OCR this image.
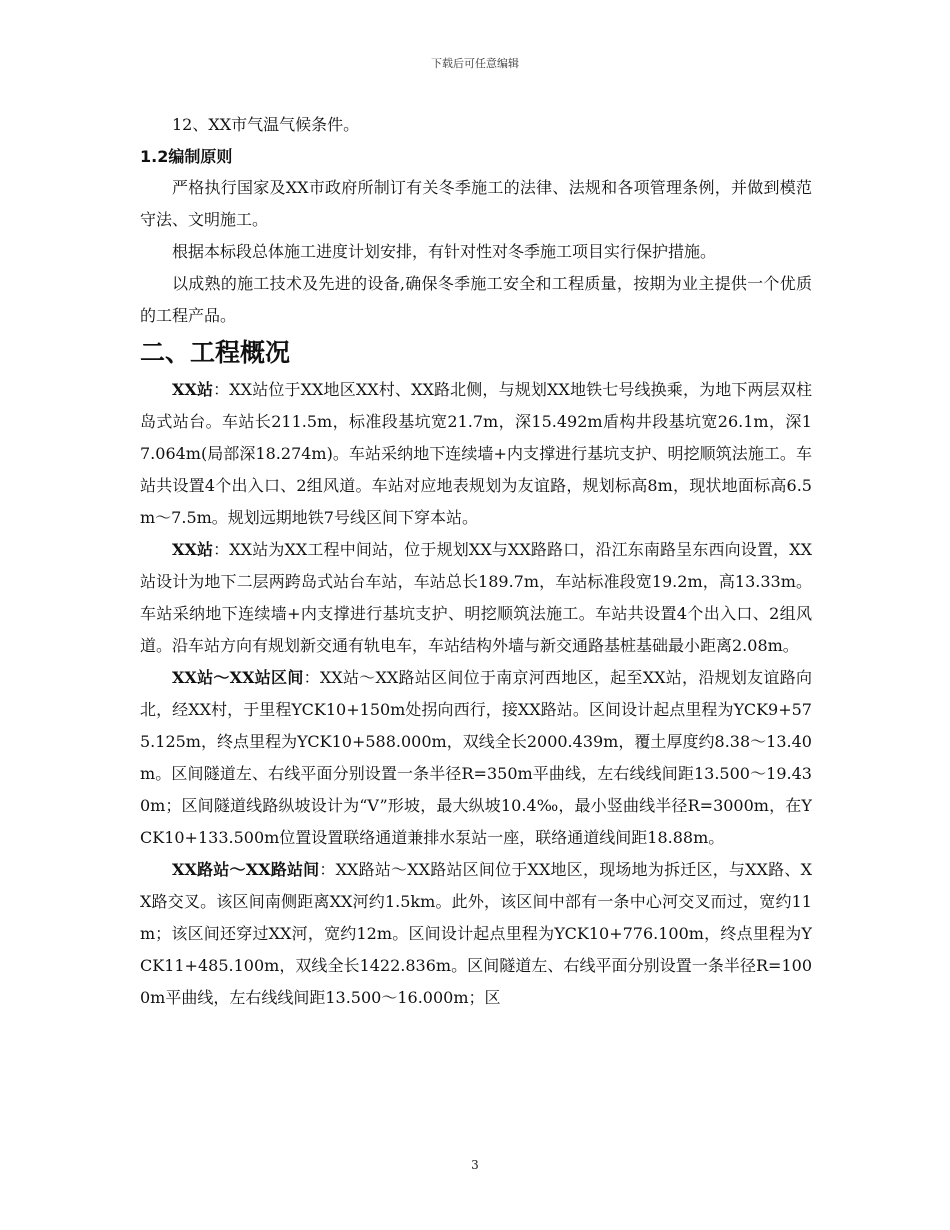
下载后可任意编辑

12、XX市气温气候条件。

1.2编制原则

严格执行国家及XX市政府所制订有关冬季施工的法律、法规和各项管理条例，并做到模范守法、文明施工。

根据本标段总体施工进度计划安排，有针对性对冬季施工项目实行保护措施。

以成熟的施工技术及先进的设备,确保冬季施工安全和工程质量，按期为业主提供一个优质的工程产品。

二、工程概况

XX站：XX站位于XX地区XX村、XX路北侧，与规划XX地铁七号线换乘，为地下两层双柱岛式站台。车站长211.5m，标准段基坑宽21.7m，深15.492m盾构井段基坑宽26.1m，深17.064m(局部深18.274m)。车站采纳地下连续墙+内支撑进行基坑支护、明挖顺筑法施工。车站共设置4个出入口、2组风道。车站对应地表规划为友谊路，规划标高8m，现状地面标高6.5m～7.5m。规划远期地铁7号线区间下穿本站。

XX站：XX站为XX工程中间站，位于规划XX与XX路路口，沿江东南路呈东西向设置，XX站设计为地下二层两跨岛式站台车站，车站总长189.7m，车站标准段宽19.2m，高13.33m。车站采纳地下连续墙+内支撑进行基坑支护、明挖顺筑法施工。车站共设置4个出入口、2组风道。沿车站方向有规划新交通有轨电车，车站结构外墙与新交通路基桩基础最小距离2.08m。

XX站～XX站区间：XX站～XX路站区间位于南京河西地区，起至XX站，沿规划友谊路向北，经XX村，于里程YCK10+150m处拐向西行，接XX路站。区间设计起点里程为YCK9+575.125m，终点里程为YCK10+588.000m，双线全长2000.439m，覆土厚度约8.38～13.40m。区间隧道左、右线平面分别设置一条半径R=350m平曲线，左右线线间距13.500～19.430m；区间隧道线路纵坡设计为“V”形坡，最大纵坡10.4‰，最小竖曲线半径R=3000m，在YCK10+133.500m位置设置联络通道兼排水泵站一座，联络通道线间距18.88m。

XX路站～XX路站间：XX路站～XX路站区间位于XX地区，现场地为拆迁区，与XX路、XX路交叉。该区间南侧距离XX河约1.5km。此外，该区间中部有一条中心河交叉而过，宽约11m；该区间还穿过XX河，宽约12m。区间设计起点里程为YCK10+776.100m，终点里程为YCK11+485.100m，双线全长1422.836m。区间隧道左、右线平面分别设置一条半径R=1000m平曲线，左右线线间距13.500～16.000m；区

3
